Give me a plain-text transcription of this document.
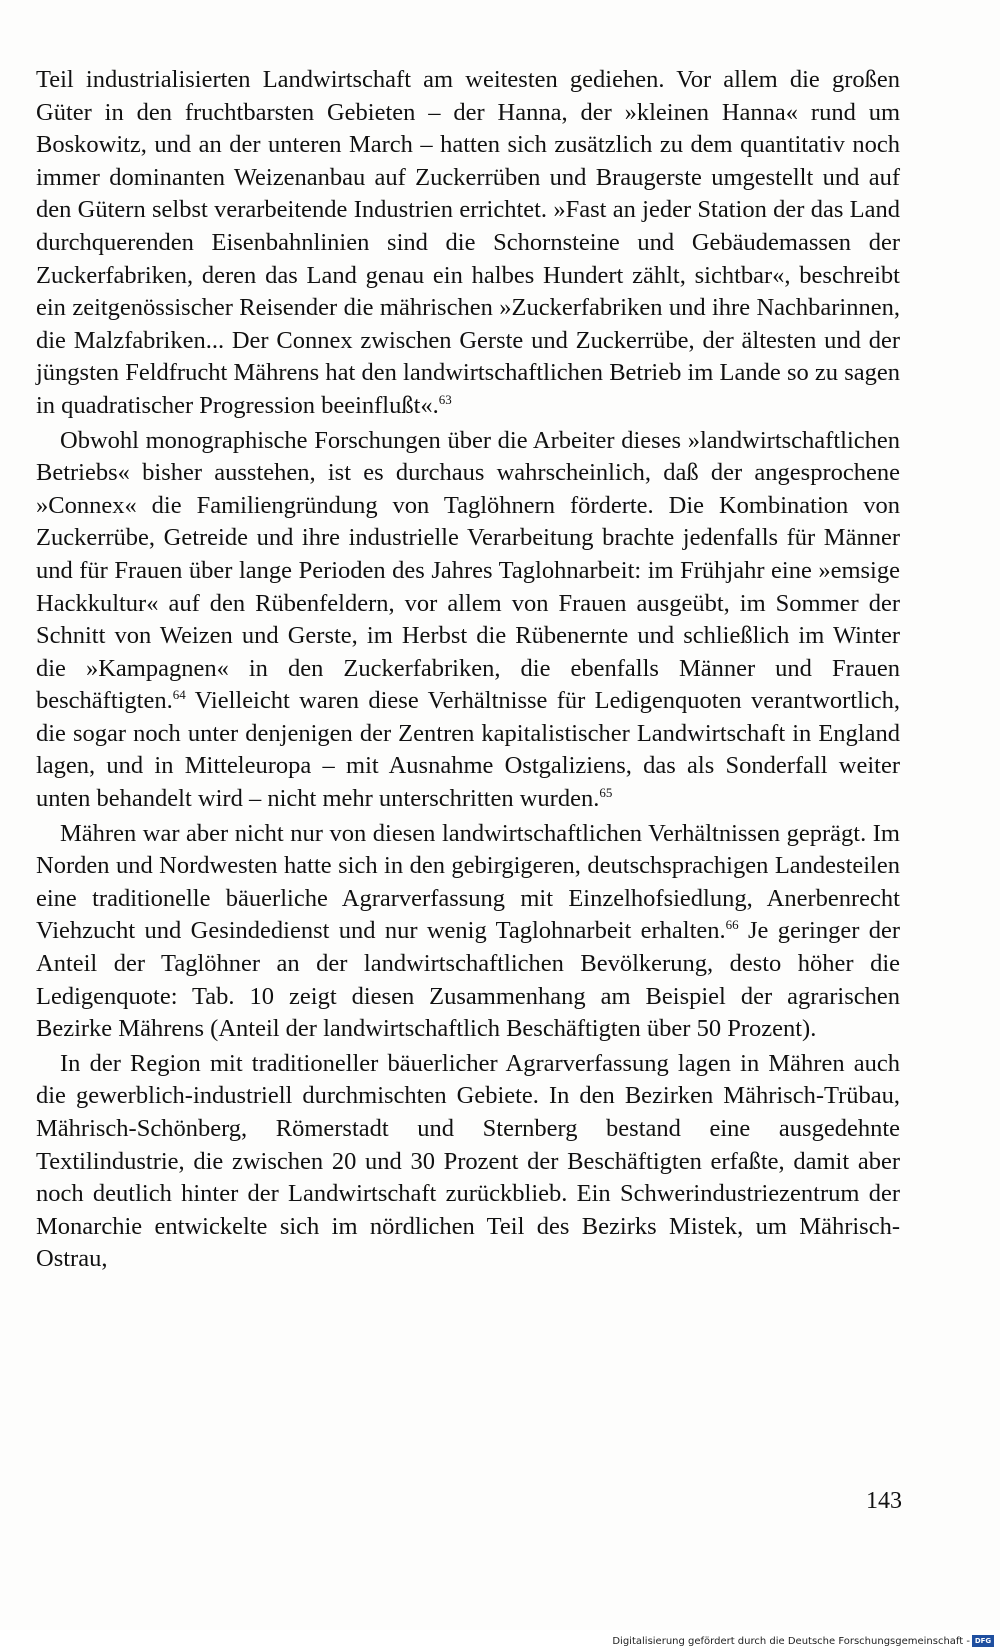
Teil industrialisierten Landwirtschaft am weitesten gediehen. Vor allem die großen Güter in den fruchtbarsten Gebieten – der Hanna, der »kleinen Hanna« rund um Boskowitz, und an der unteren March – hatten sich zusätzlich zu dem quantitativ noch immer dominanten Weizenanbau auf Zuckerrüben und Braugerste umgestellt und auf den Gütern selbst verarbeitende Industrien errichtet. »Fast an jeder Station der das Land durchquerenden Eisenbahnlinien sind die Schornsteine und Gebäudemassen der Zuckerfabriken, deren das Land genau ein halbes Hundert zählt, sichtbar«, beschreibt ein zeitgenössischer Reisender die mährischen »Zuckerfabriken und ihre Nachbarinnen, die Malzfabriken... Der Connex zwischen Gerste und Zuckerrübe, der ältesten und der jüngsten Feldfrucht Mährens hat den landwirtschaftlichen Betrieb im Lande so zu sagen in quadratischer Progression beeinflußt«.$^{63}$

Obwohl monographische Forschungen über die Arbeiter dieses »landwirtschaftlichen Betriebs« bisher ausstehen, ist es durchaus wahrscheinlich, daß der angesprochene »Connex« die Familiengründung von Taglöhnern förderte. Die Kombination von Zuckerrübe, Getreide und ihre industrielle Verarbeitung brachte jedenfalls für Männer und für Frauen über lange Perioden des Jahres Taglohnarbeit: im Frühjahr eine »emsige Hackkultur« auf den Rübenfeldern, vor allem von Frauen ausgeübt, im Sommer der Schnitt von Weizen und Gerste, im Herbst die Rübenernte und schließlich im Winter die »Kampagnen« in den Zuckerfabriken, die ebenfalls Männer und Frauen beschäftigten.$^{64}$ Vielleicht waren diese Verhältnisse für Ledigenquoten verantwortlich, die sogar noch unter denjenigen der Zentren kapitalistischer Landwirtschaft in England lagen, und in Mitteleuropa – mit Ausnahme Ostgaliziens, das als Sonderfall weiter unten behandelt wird – nicht mehr unterschritten wurden.$^{65}$

Mähren war aber nicht nur von diesen landwirtschaftlichen Verhältnissen geprägt. Im Norden und Nordwesten hatte sich in den gebirgigeren, deutschsprachigen Landesteilen eine traditionelle bäuerliche Agrarverfassung mit Einzelhofsiedlung, Anerbenrecht Viehzucht und Gesindedienst und nur wenig Taglohnarbeit erhalten.$^{66}$ Je geringer der Anteil der Taglöhner an der landwirtschaftlichen Bevölkerung, desto höher die Ledigenquote: Tab. 10 zeigt diesen Zusammenhang am Beispiel der agrarischen Bezirke Mährens (Anteil der landwirtschaftlich Beschäftigten über 50 Prozent).

In der Region mit traditioneller bäuerlicher Agrarverfassung lagen in Mähren auch die gewerblich-industriell durchmischten Gebiete. In den Bezirken Mährisch-Trübau, Mährisch-Schönberg, Römerstadt und Sternberg bestand eine ausgedehnte Textilindustrie, die zwischen 20 und 30 Prozent der Beschäftigten erfaßte, damit aber noch deutlich hinter der Landwirtschaft zurückblieb. Ein Schwerindustriezentrum der Monarchie entwickelte sich im nördlichen Teil des Bezirks Mistek, um Mährisch-Ostrau,

143
Digitalisierung gefördert durch die Deutsche Forschungsgemeinschaft - DFG
